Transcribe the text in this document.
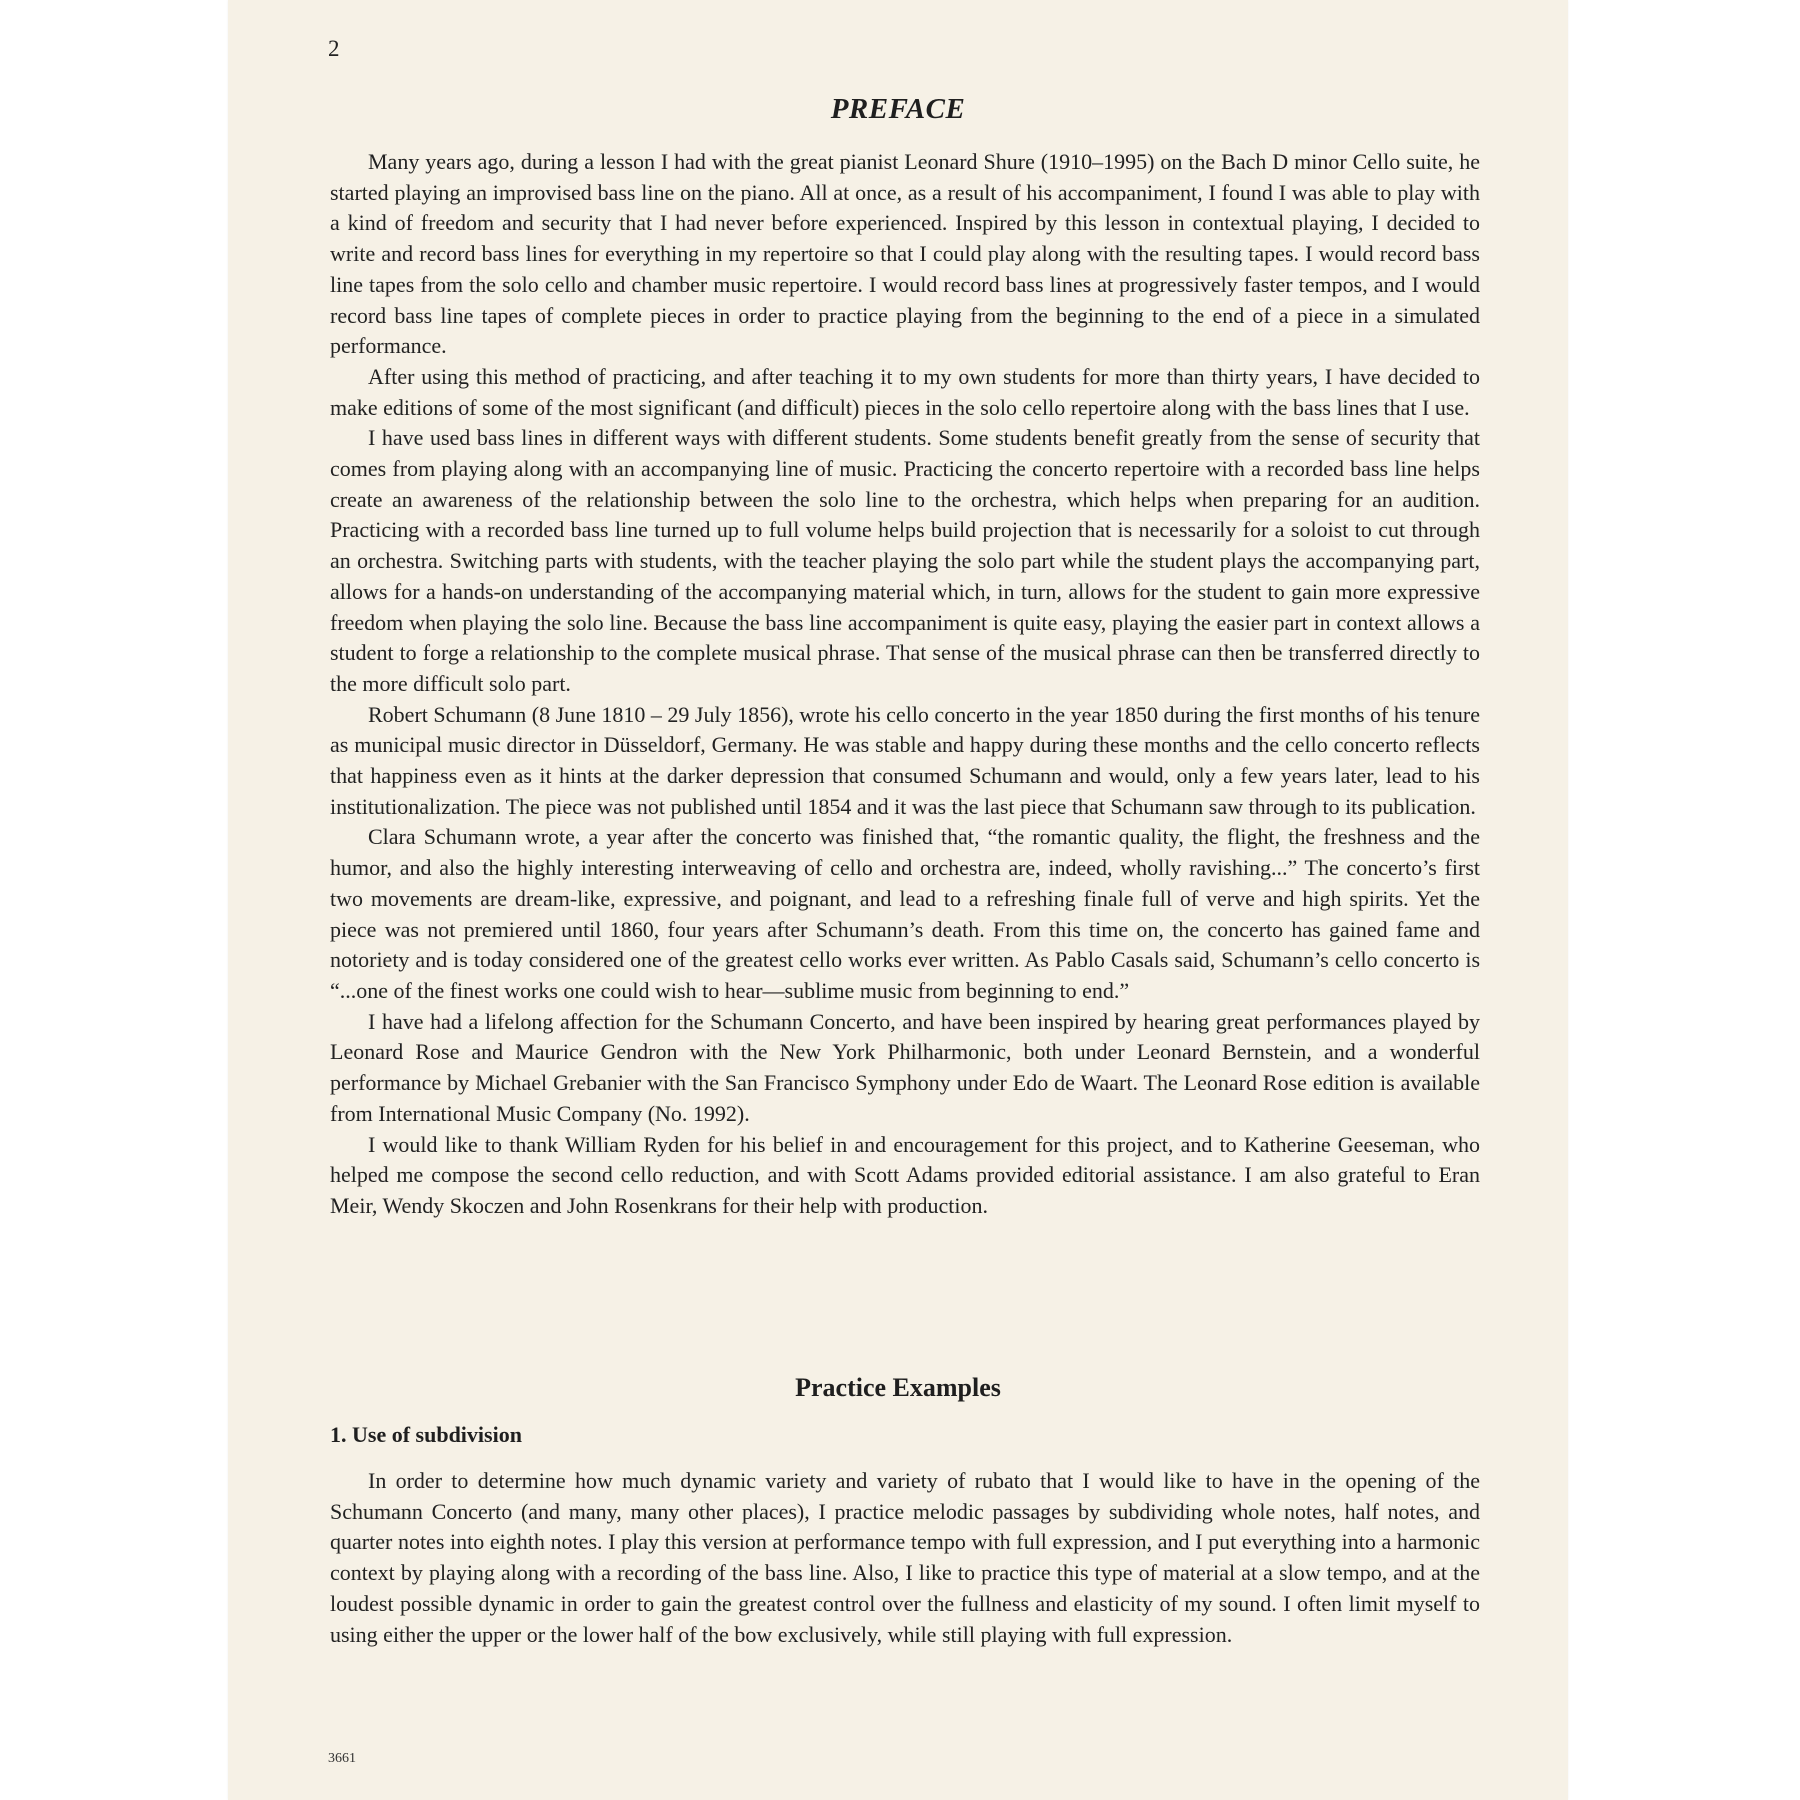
2

PREFACE

Many years ago, during a lesson I had with the great pianist Leonard Shure (1910–1995) on the Bach D minor Cello suite, he started playing an improvised bass line on the piano. All at once, as a result of his accompaniment, I found I was able to play with a kind of freedom and security that I had never before experienced. Inspired by this lesson in contextual playing, I decided to write and record bass lines for everything in my repertoire so that I could play along with the resulting tapes. I would record bass line tapes from the solo cello and chamber music repertoire. I would record bass lines at progressively faster tempos, and I would record bass line tapes of complete pieces in order to practice playing from the beginning to the end of a piece in a simulated performance.

After using this method of practicing, and after teaching it to my own students for more than thirty years, I have decided to make editions of some of the most significant (and difficult) pieces in the solo cello repertoire along with the bass lines that I use.

I have used bass lines in different ways with different students. Some students benefit greatly from the sense of security that comes from playing along with an accompanying line of music. Practicing the concerto repertoire with a recorded bass line helps create an awareness of the relationship between the solo line to the orchestra, which helps when preparing for an audition. Practicing with a recorded bass line turned up to full volume helps build projection that is necessarily for a soloist to cut through an orchestra. Switching parts with students, with the teacher playing the solo part while the student plays the accompanying part, allows for a hands-on understanding of the accompanying material which, in turn, allows for the student to gain more expressive freedom when playing the solo line. Because the bass line accompaniment is quite easy, playing the easier part in context allows a student to forge a relationship to the complete musical phrase. That sense of the musical phrase can then be transferred directly to the more difficult solo part.

Robert Schumann (8 June 1810 – 29 July 1856), wrote his cello concerto in the year 1850 during the first months of his tenure as municipal music director in Düsseldorf, Germany. He was stable and happy during these months and the cello concerto reflects that happiness even as it hints at the darker depression that consumed Schumann and would, only a few years later, lead to his institutionalization. The piece was not published until 1854 and it was the last piece that Schumann saw through to its publication.

Clara Schumann wrote, a year after the concerto was finished that, “the romantic quality, the flight, the freshness and the humor, and also the highly interesting interweaving of cello and orchestra are, indeed, wholly ravishing...” The concerto’s first two movements are dream-like, expressive, and poignant, and lead to a refreshing finale full of verve and high spirits. Yet the piece was not premiered until 1860, four years after Schumann’s death. From this time on, the concerto has gained fame and notoriety and is today considered one of the greatest cello works ever written. As Pablo Casals said, Schumann’s cello concerto is “...one of the finest works one could wish to hear—sublime music from beginning to end.”

I have had a lifelong affection for the Schumann Concerto, and have been inspired by hearing great performances played by Leonard Rose and Maurice Gendron with the New York Philharmonic, both under Leonard Bernstein, and a wonderful performance by Michael Grebanier with the San Francisco Symphony under Edo de Waart. The Leonard Rose edition is available from International Music Company (No. 1992).

I would like to thank William Ryden for his belief in and encouragement for this project, and to Katherine Geeseman, who helped me compose the second cello reduction, and with Scott Adams provided editorial assistance. I am also grateful to Eran Meir, Wendy Skoczen and John Rosenkrans for their help with production.

Practice Examples
1. Use of subdivision

In order to determine how much dynamic variety and variety of rubato that I would like to have in the opening of the Schumann Concerto (and many, many other places), I practice melodic passages by subdividing whole notes, half notes, and quarter notes into eighth notes. I play this version at performance tempo with full expression, and I put everything into a harmonic context by playing along with a recording of the bass line. Also, I like to practice this type of material at a slow tempo, and at the loudest possible dynamic in order to gain the greatest control over the fullness and elasticity of my sound. I often limit myself to using either the upper or the lower half of the bow exclusively, while still playing with full expression.

3661
